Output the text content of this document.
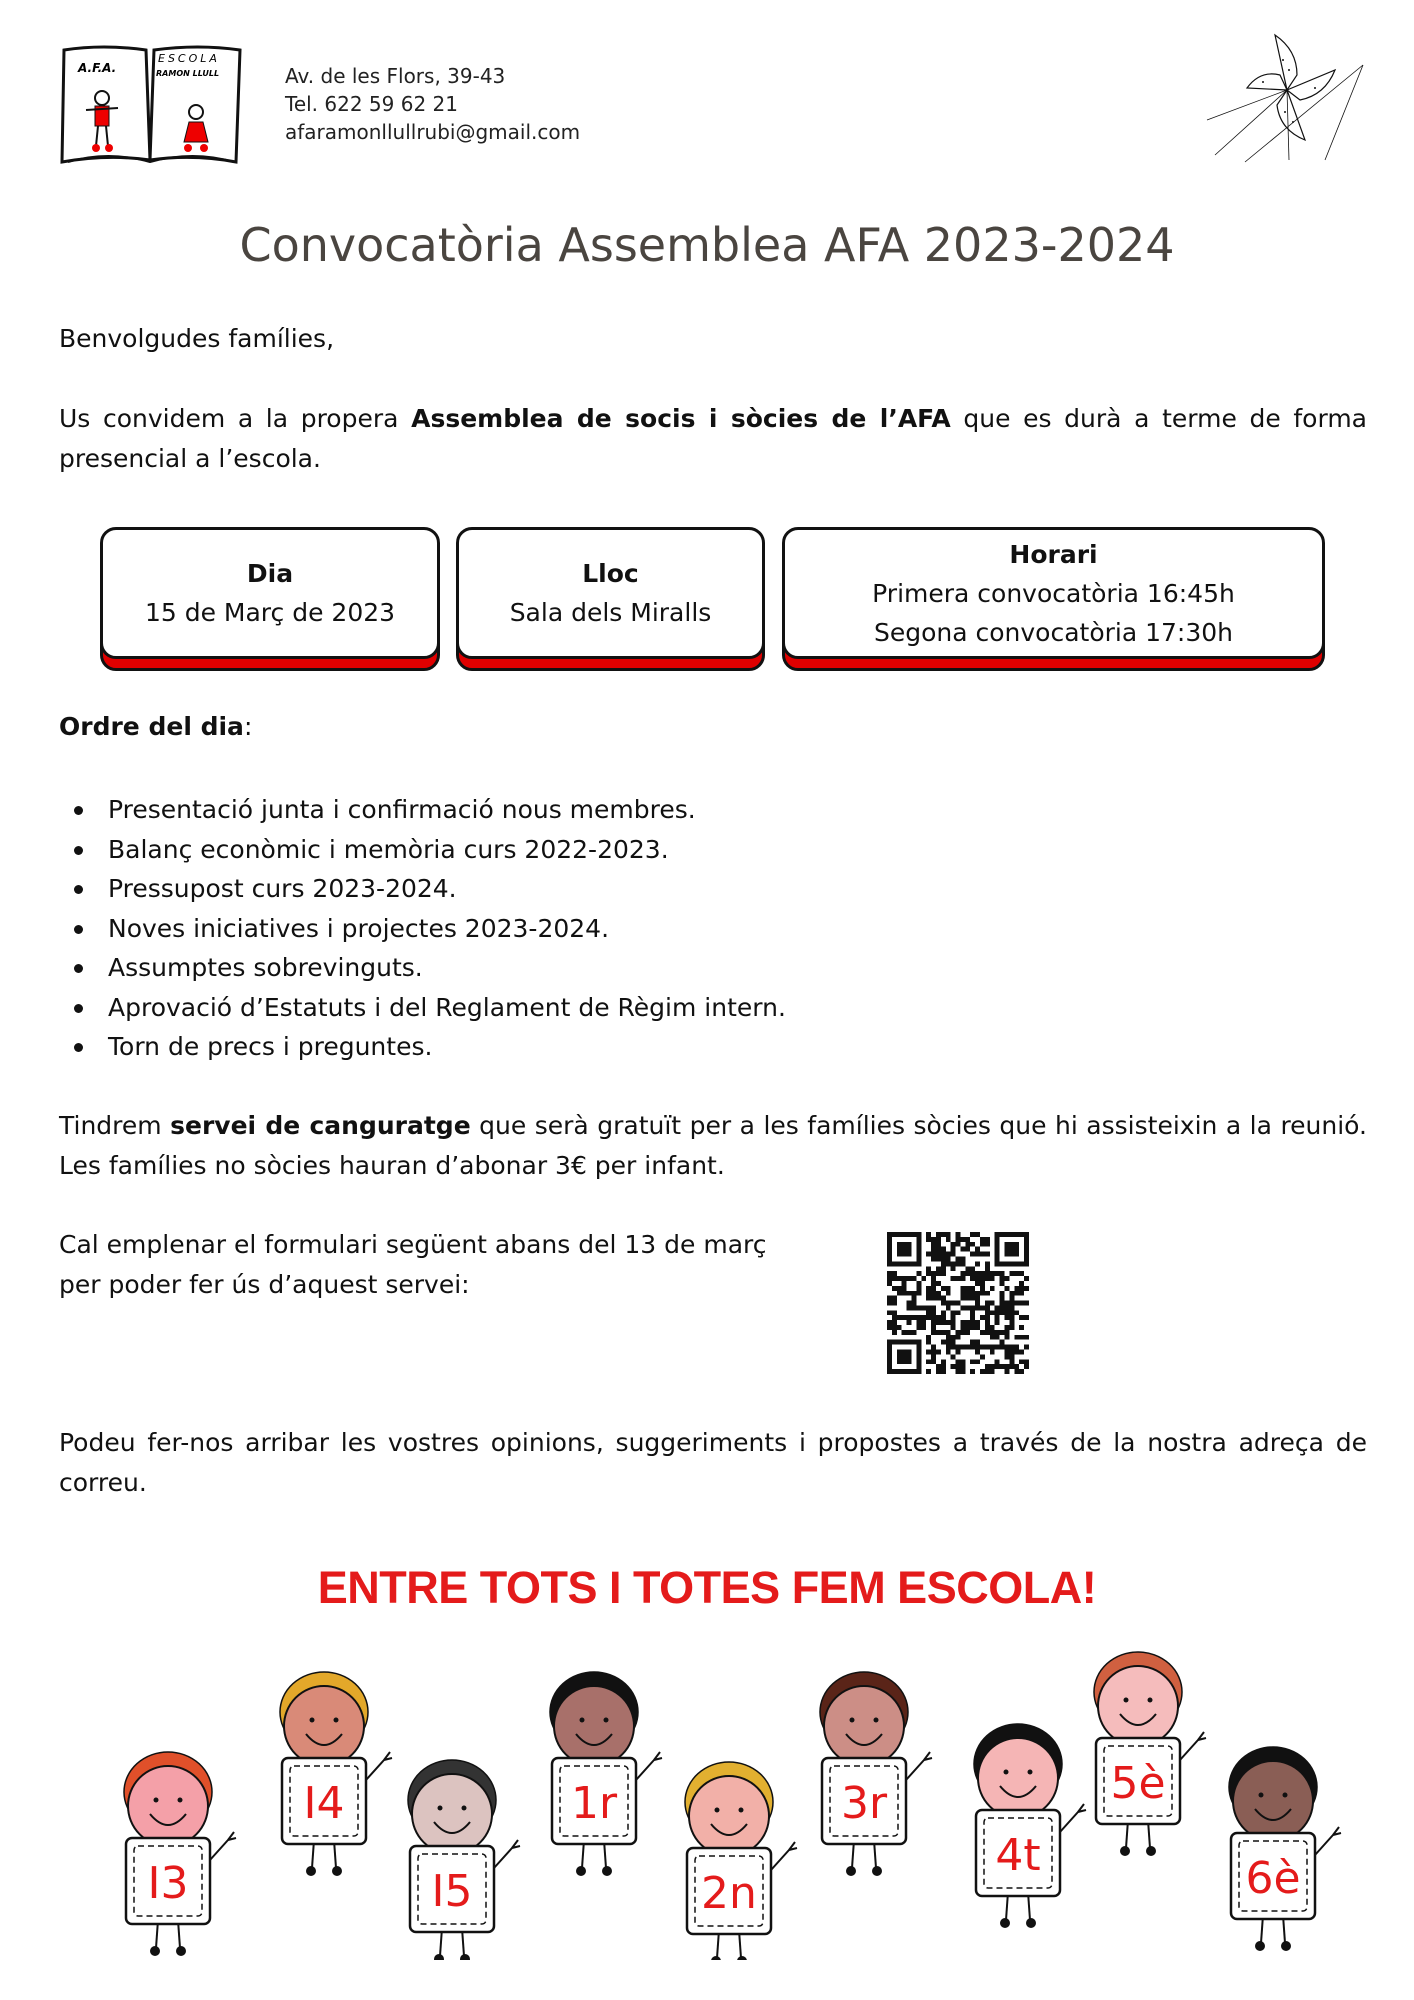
A.F.A.
ESCOLA
RAMON LLULL	Av. de les Flors, 39-43
Tel. 622 59 62 21
afaramonllullrubi@gmail.com
Convocatòria Assemblea AFA 2023-2024
Benvolgudes famílies,
Us convidem a la propera Assemblea de socis i sòcies de l’AFA que es durà a terme de forma presencial a l’escola.
Dia
15 de Març de 2023
Lloc
Sala dels Miralls
Horari
Primera convocatòria 16:45h
Segona convocatòria 17:30h
Ordre del dia:
Presentació junta i confirmació nous membres.
Balanç econòmic i memòria curs 2022-2023.
Pressupost curs 2023-2024.
Noves iniciatives i projectes 2023-2024.
Assumptes sobrevinguts.
Aprovació d’Estatuts i del Reglament de Règim intern.
Torn de precs i preguntes.
Tindrem servei de canguratge que serà gratuït per a les famílies sòcies que hi assisteixin a la reunió. Les famílies no sòcies hauran d’abonar 3€ per infant.
Cal emplenar el formulari següent abans del 13 de març
per poder fer ús d’aquest servei:
Podeu fer-nos arribar les vostres opinions, suggeriments i propostes a través de la nostra adreça de correu.
ENTRE TOTS I TOTES FEM ESCOLA!
I3
I4
I5
1r
2n
3r
4t
5è
6è
